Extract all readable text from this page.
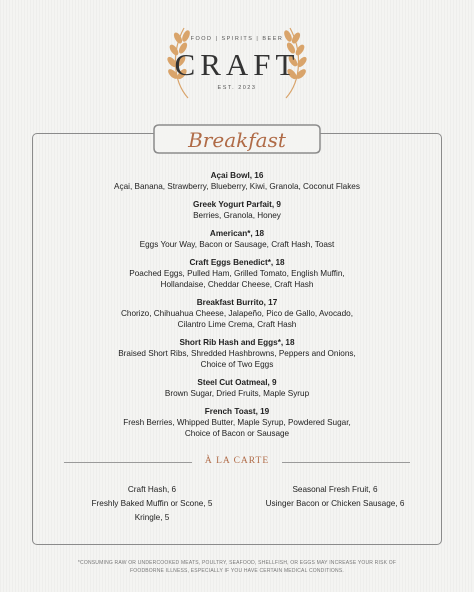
FOOD | SPIRITS | BEER
CRAFT
EST. 2023
Breakfast
Açai Bowl, 16
Açai, Banana, Strawberry, Blueberry, Kiwi, Granola, Coconut Flakes
Greek Yogurt Parfait, 9
Berries, Granola, Honey
American*, 18
Eggs Your Way, Bacon or Sausage, Craft Hash, Toast
Craft Eggs Benedict*, 18
Poached Eggs, Pulled Ham, Grilled Tomato, English Muffin,
Hollandaise, Cheddar Cheese, Craft Hash
Breakfast Burrito, 17
Chorizo, Chihuahua Cheese, Jalapeño, Pico de Gallo, Avocado,
Cilantro Lime Crema, Craft Hash
Short Rib Hash and Eggs*, 18
Braised Short Ribs, Shredded Hashbrowns, Peppers and Onions,
Choice of Two Eggs
Steel Cut Oatmeal, 9
Brown Sugar, Dried Fruits, Maple Syrup
French Toast, 19
Fresh Berries, Whipped Butter, Maple Syrup, Powdered Sugar,
Choice of Bacon or Sausage
À LA CARTE
Craft Hash, 6
Freshly Baked Muffin or Scone, 5
Kringle, 5
Seasonal Fresh Fruit, 6
Usinger Bacon or Chicken Sausage, 6
*CONSUMING RAW OR UNDERCOOKED MEATS, POULTRY, SEAFOOD, SHELLFISH, OR EGGS MAY INCREASE YOUR RISK OF
FOODBORNE ILLNESS, ESPECIALLY IF YOU HAVE CERTAIN MEDICAL CONDITIONS.
